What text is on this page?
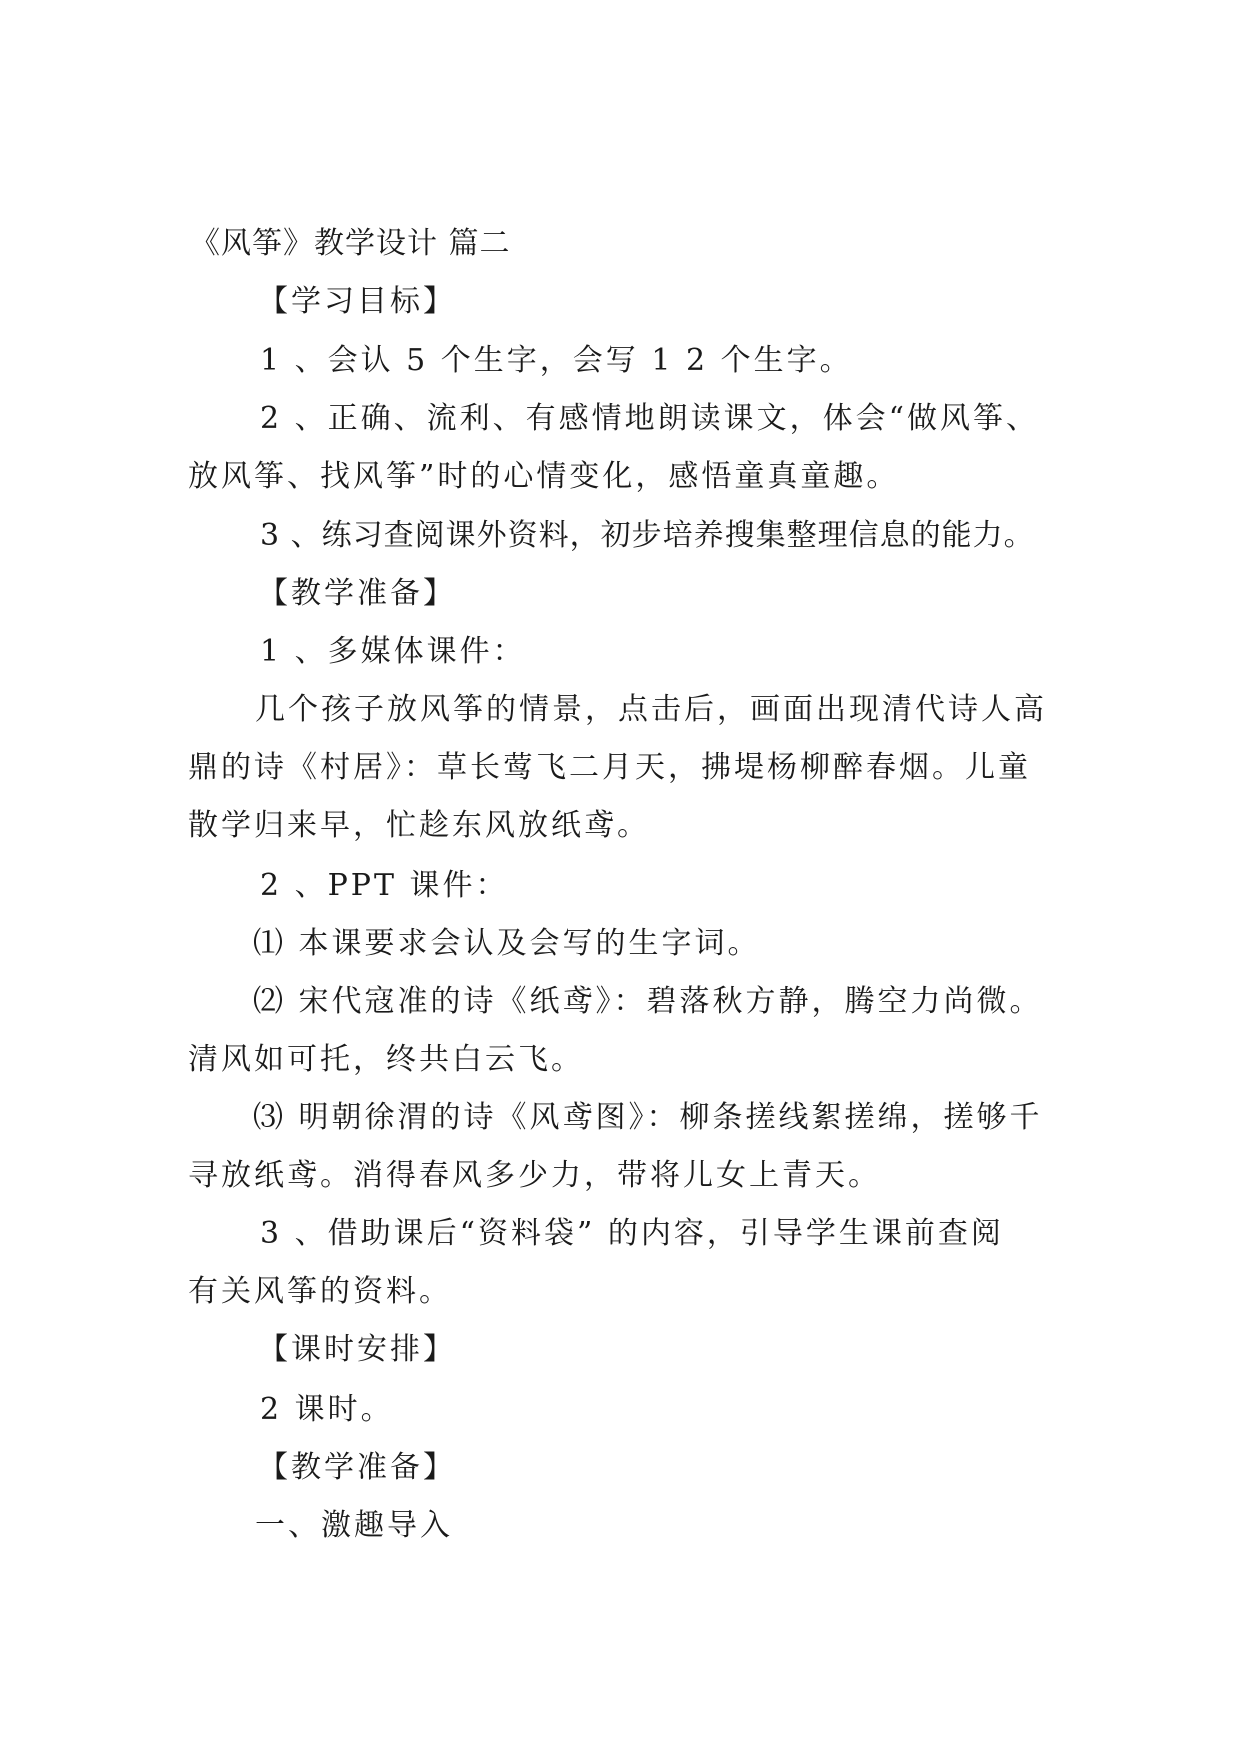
《风筝》教学设计 篇二
【学习目标】
1 、会认 5 个生字，会写 1 2 个生字。
2 、正确、流利、有感情地朗读课文，体会“做风筝、
放风筝、找风筝”时的心情变化，感悟童真童趣。
3 、练习查阅课外资料，初步培养搜集整理信息的能力。
【教学准备】
1 、多媒体课件：
几个孩子放风筝的情景，点击后，画面出现清代诗人高
鼎的诗《村居》：草长莺飞二月天，拂堤杨柳醉春烟。儿童
散学归来早，忙趁东风放纸鸢。
2 、PPT 课件：
⑴ 本课要求会认及会写的生字词。
⑵ 宋代寇准的诗《纸鸢》：碧落秋方静，腾空力尚微。
清风如可托，终共白云飞。
⑶ 明朝徐渭的诗《风鸢图》：柳条搓线絮搓绵，搓够千
寻放纸鸢。消得春风多少力，带将儿女上青天。
3 、借助课后“资料袋” 的内容，引导学生课前查阅
有关风筝的资料。
【课时安排】
2 课时。
【教学准备】
一、激趣导入
